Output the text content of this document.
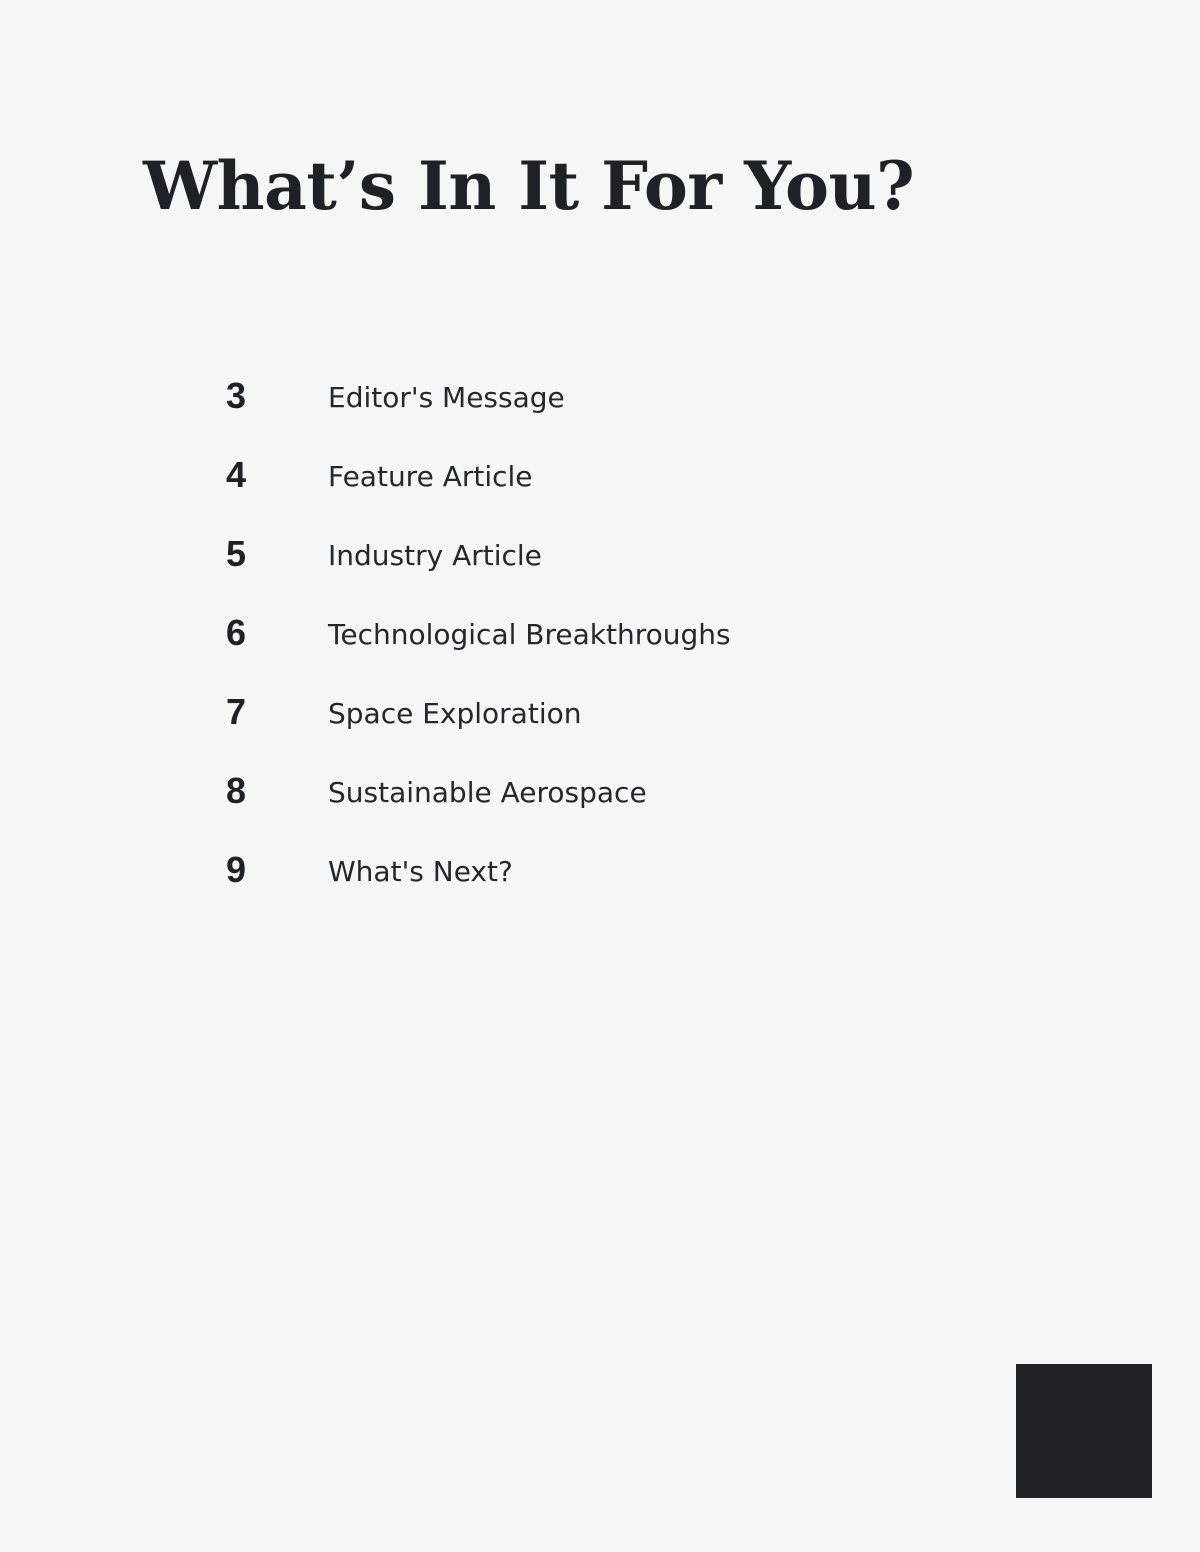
What’s In It For You?
3	Editor's Message
4	Feature Article
5	Industry Article
6	Technological Breakthroughs
7	Space Exploration
8	Sustainable Aerospace
9	What's Next?
